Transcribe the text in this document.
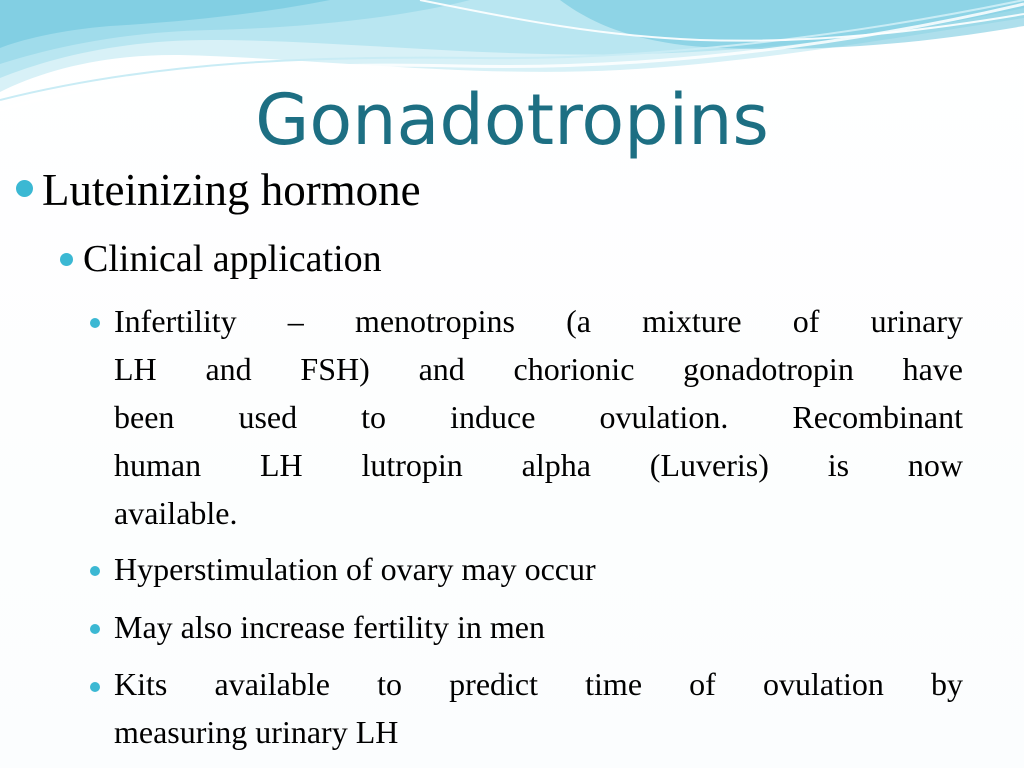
Gonadotropins
Luteinizing hormone
Clinical application
Infertility – menotropins (a mixture of urinary
LH and FSH) and chorionic gonadotropin have
been used to induce ovulation. Recombinant
human LH lutropin alpha (Luveris) is now
available.
Hyperstimulation of ovary may occur
May also increase fertility in men
Kits available to predict time of ovulation by
measuring urinary LH
